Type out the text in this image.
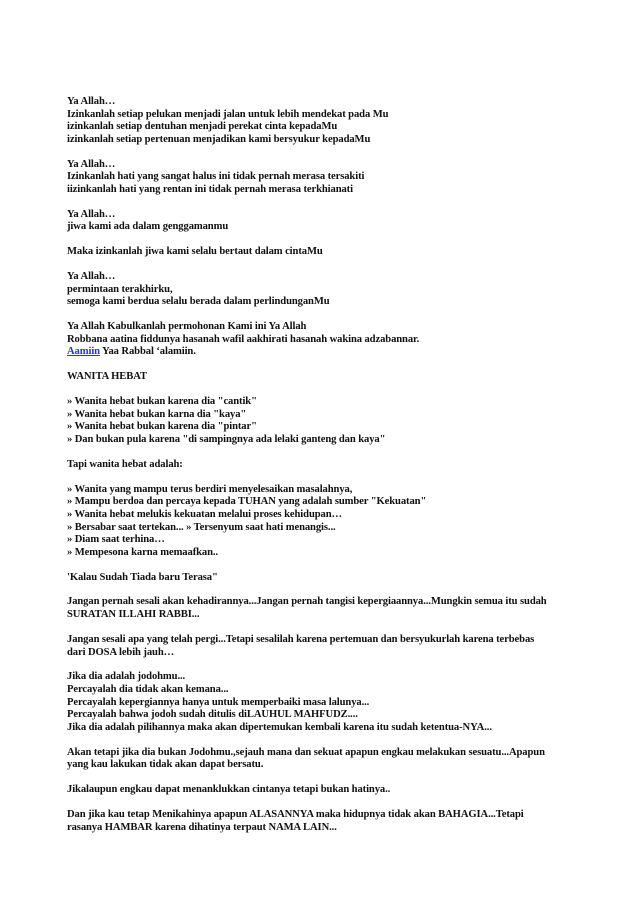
Ya Allah…
Izinkanlah setiap pelukan menjadi jalan untuk lebih mendekat pada Mu
izinkanlah setiap dentuhan menjadi perekat cinta kepadaMu
izinkanlah setiap pertenuan menjadikan kami bersyukur kepadaMu
Ya Allah…
Izinkanlah hati yang sangat halus ini tidak pernah merasa tersakiti
iizinkanlah hati yang rentan ini tidak pernah merasa terkhianati
Ya Allah…
jiwa kami ada dalam genggamanmu
Maka izinkanlah jiwa kami selalu bertaut dalam cintaMu
Ya Allah…
permintaan terakhirku,
semoga kami berdua selalu berada dalam perlindunganMu
Ya Allah Kabulkanlah permohonan Kami ini Ya Allah
Robbana aatina fiddunya hasanah wafil aakhirati hasanah wakina adzabannar.
Aamiin Yaa Rabbal ‘alamiin.
WANITA HEBAT
» Wanita hebat bukan karena dia "cantik"
» Wanita hebat bukan karna dia "kaya"
» Wanita hebat bukan karena dia "pintar"
» Dan bukan pula karena "di sampingnya ada lelaki ganteng dan kaya"
Tapi wanita hebat adalah:
» Wanita yang mampu terus berdiri menyelesaikan masalahnya,
» Mampu berdoa dan percaya kepada TUHAN yang adalah sumber "Kekuatan"
» Wanita hebat melukis kekuatan melalui proses kehidupan…
» Bersabar saat tertekan... » Tersenyum saat hati menangis...
» Diam saat terhina…
» Mempesona karna memaafkan..
'Kalau Sudah Tiada baru Terasa"
Jangan pernah sesali akan kehadirannya...Jangan pernah tangisi kepergiaannya...Mungkin semua itu sudah
SURATAN ILLAHI RABBI...
Jangan sesali apa yang telah pergi...Tetapi sesalilah karena pertemuan dan bersyukurlah karena terbebas
dari DOSA lebih jauh…
Jika dia adalah jodohmu...
Percayalah dia tidak akan kemana...
Percayalah kepergiannya hanya untuk memperbaiki masa lalunya...
Percayalah bahwa jodoh sudah ditulis diLAUHUL MAHFUDZ....
Jika dia adalah pilihannya maka akan dipertemukan kembali karena itu sudah ketentua-NYA...
Akan tetapi jika dia bukan Jodohmu.,sejauh mana dan sekuat apapun engkau melakukan sesuatu...Apapun
yang kau lakukan tidak akan dapat bersatu.
Jikalaupun engkau dapat menanklukkan cintanya tetapi bukan hatinya..
Dan jika kau tetap Menikahinya apapun ALASANNYA maka hidupnya tidak akan BAHAGIA...Tetapi
rasanya HAMBAR karena dihatinya terpaut NAMA LAIN...
